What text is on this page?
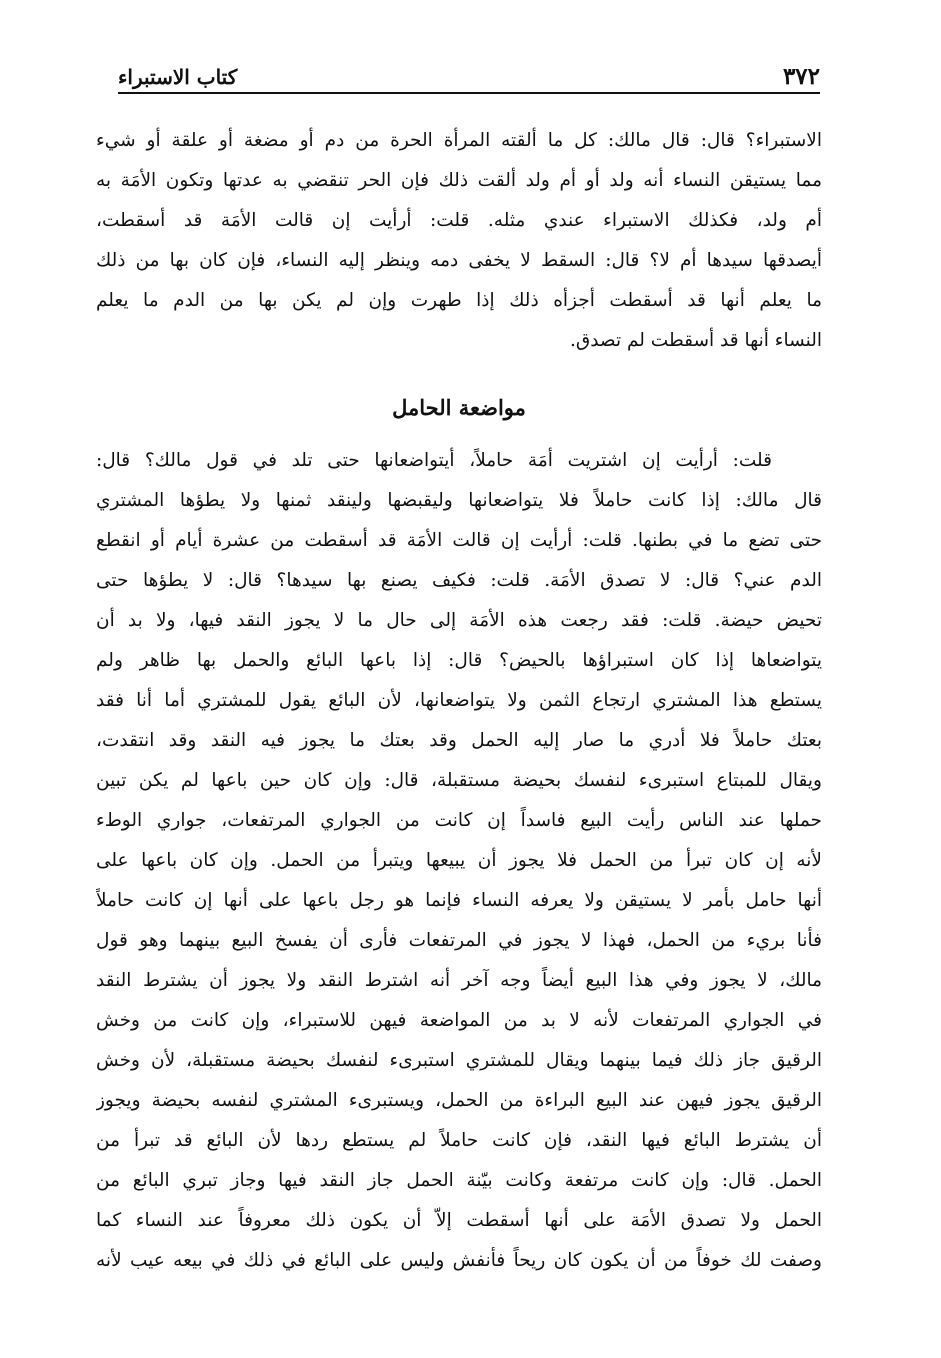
٣٧٢
كتاب الاستبراء
الاستبراء؟ قال: قال مالك: كل ما ألقته المرأة الحرة من دم أو مضغة أو علقة أو شيء
مما يستيقن النساء أنه ولد أو أم ولد ألقت ذلك فإن الحر تنقضي به عدتها وتكون الأمَة به
أم ولد، فكذلك الاستبراء عندي مثله. قلت: أرأيت إن قالت الأمَة قد أسقطت،
أيصدقها سيدها أم لا؟ قال: السقط لا يخفى دمه وينظر إليه النساء، فإن كان بها من ذلك
ما يعلم أنها قد أسقطت أجزأه ذلك إذا طهرت وإن لم يكن بها من الدم ما يعلم
النساء أنها قد أسقطت لم تصدق.
مواضعة الحامل
قلت: أرأيت إن اشتريت أمَة حاملاً، أيتواضعانها حتى تلد في قول مالك؟ قال:
قال مالك: إذا كانت حاملاً فلا يتواضعانها وليقبضها ولينقد ثمنها ولا يطؤها المشتري
حتى تضع ما في بطنها. قلت: أرأيت إن قالت الأمَة قد أسقطت من عشرة أيام أو انقطع
الدم عني؟ قال: لا تصدق الأمَة. قلت: فكيف يصنع بها سيدها؟ قال: لا يطؤها حتى
تحيض حيضة. قلت: فقد رجعت هذه الأمَة إلى حال ما لا يجوز النقد فيها، ولا بد أن
يتواضعاها إذا كان استبراؤها بالحيض؟ قال: إذا باعها البائع والحمل بها ظاهر ولم
يستطع هذا المشتري ارتجاع الثمن ولا يتواضعانها، لأن البائع يقول للمشتري أما أنا فقد
بعتك حاملاً فلا أدري ما صار إليه الحمل وقد بعتك ما يجوز فيه النقد وقد انتقدت،
ويقال للمبتاع استبرىء لنفسك بحيضة مستقبلة، قال: وإن كان حين باعها لم يكن تبين
حملها عند الناس رأيت البيع فاسداً إن كانت من الجواري المرتفعات، جواري الوطء
لأنه إن كان تبرأ من الحمل فلا يجوز أن يبيعها ويتبرأ من الحمل. وإن كان باعها على
أنها حامل بأمر لا يستيقن ولا يعرفه النساء فإنما هو رجل باعها على أنها إن كانت حاملاً
فأنا بريء من الحمل، فهذا لا يجوز في المرتفعات فأرى أن يفسخ البيع بينهما وهو قول
مالك، لا يجوز وفي هذا البيع أيضاً وجه آخر أنه اشترط النقد ولا يجوز أن يشترط النقد
في الجواري المرتفعات لأنه لا بد من المواضعة فيهن للاستبراء، وإن كانت من وخش
الرقيق جاز ذلك فيما بينهما ويقال للمشتري استبرىء لنفسك بحيضة مستقبلة، لأن وخش
الرقيق يجوز فيهن عند البيع البراءة من الحمل، ويستبرىء المشتري لنفسه بحيضة ويجوز
أن يشترط البائع فيها النقد، فإن كانت حاملاً لم يستطع ردها لأن البائع قد تبرأ من
الحمل. قال: وإن كانت مرتفعة وكانت بيّنة الحمل جاز النقد فيها وجاز تبري البائع من
الحمل ولا تصدق الأمَة على أنها أسقطت إلاّ أن يكون ذلك معروفاً عند النساء كما
وصفت لك خوفاً من أن يكون كان ريحاً فأنفش وليس على البائع في ذلك في بيعه عيب لأنه
